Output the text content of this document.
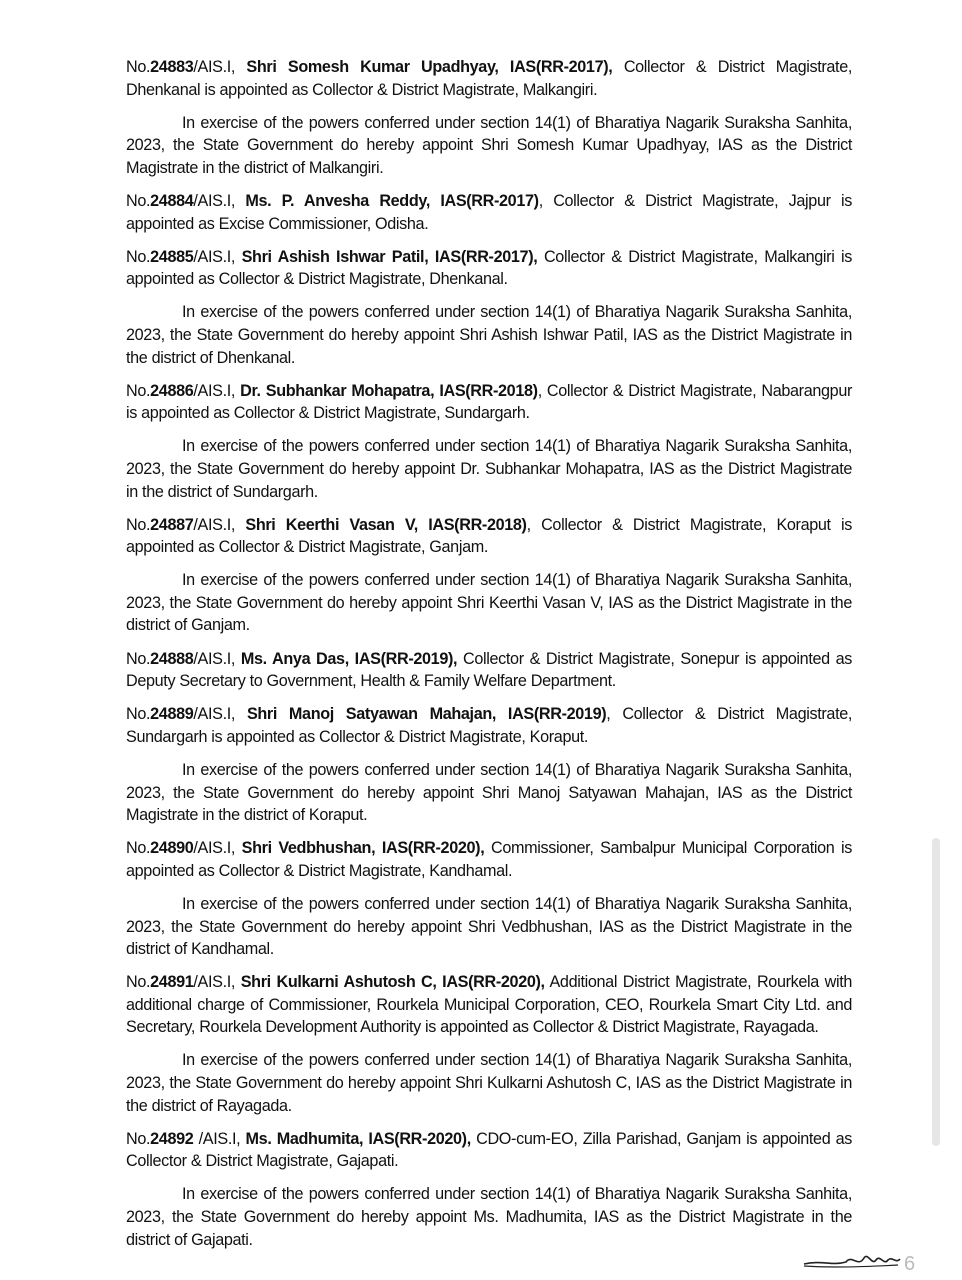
No.24883/AIS.I, Shri Somesh Kumar Upadhyay, IAS(RR-2017), Collector & District Magistrate, Dhenkanal is appointed as Collector & District Magistrate, Malkangiri.

In exercise of the powers conferred under section 14(1) of Bharatiya Nagarik Suraksha Sanhita, 2023, the State Government do hereby appoint Shri Somesh Kumar Upadhyay, IAS as the District Magistrate in the district of Malkangiri.

No.24884/AIS.I, Ms. P. Anvesha Reddy, IAS(RR-2017), Collector & District Magistrate, Jajpur is appointed as Excise Commissioner, Odisha.

No.24885/AIS.I, Shri Ashish Ishwar Patil, IAS(RR-2017), Collector & District Magistrate, Malkangiri is appointed as Collector & District Magistrate, Dhenkanal.

In exercise of the powers conferred under section 14(1) of Bharatiya Nagarik Suraksha Sanhita, 2023, the State Government do hereby appoint Shri Ashish Ishwar Patil, IAS as the District Magistrate in the district of Dhenkanal.

No.24886/AIS.I, Dr. Subhankar Mohapatra, IAS(RR-2018), Collector & District Magistrate, Nabarangpur is appointed as Collector & District Magistrate, Sundargarh.

In exercise of the powers conferred under section 14(1) of Bharatiya Nagarik Suraksha Sanhita, 2023, the State Government do hereby appoint Dr. Subhankar Mohapatra, IAS as the District Magistrate in the district of Sundargarh.

No.24887/AIS.I, Shri Keerthi Vasan V, IAS(RR-2018), Collector & District Magistrate, Koraput is appointed as Collector & District Magistrate, Ganjam.

In exercise of the powers conferred under section 14(1) of Bharatiya Nagarik Suraksha Sanhita, 2023, the State Government do hereby appoint Shri Keerthi Vasan V, IAS as the District Magistrate in the district of Ganjam.

No.24888/AIS.I, Ms. Anya Das, IAS(RR-2019), Collector & District Magistrate, Sonepur is appointed as Deputy Secretary to Government, Health & Family Welfare Department.

No.24889/AIS.I, Shri Manoj Satyawan Mahajan, IAS(RR-2019), Collector & District Magistrate, Sundargarh is appointed as Collector & District Magistrate, Koraput.

In exercise of the powers conferred under section 14(1) of Bharatiya Nagarik Suraksha Sanhita, 2023, the State Government do hereby appoint Shri Manoj Satyawan Mahajan, IAS as the District Magistrate in the district of Koraput.

No.24890/AIS.I, Shri Vedbhushan, IAS(RR-2020), Commissioner, Sambalpur Municipal Corporation is appointed as Collector & District Magistrate, Kandhamal.

In exercise of the powers conferred under section 14(1) of Bharatiya Nagarik Suraksha Sanhita, 2023, the State Government do hereby appoint Shri Vedbhushan, IAS as the District Magistrate in the district of Kandhamal.

No.24891/AIS.I, Shri Kulkarni Ashutosh C, IAS(RR-2020), Additional District Magistrate, Rourkela with additional charge of Commissioner, Rourkela Municipal Corporation, CEO, Rourkela Smart City Ltd. and Secretary, Rourkela Development Authority is appointed as Collector & District Magistrate, Rayagada.

In exercise of the powers conferred under section 14(1) of Bharatiya Nagarik Suraksha Sanhita, 2023, the State Government do hereby appoint Shri Kulkarni Ashutosh C, IAS as the District Magistrate in the district of Rayagada.

No.24892 /AIS.I, Ms. Madhumita, IAS(RR-2020), CDO-cum-EO, Zilla Parishad, Ganjam is appointed as Collector & District Magistrate, Gajapati.

In exercise of the powers conferred under section 14(1) of Bharatiya Nagarik Suraksha Sanhita, 2023, the State Government do hereby appoint Ms. Madhumita, IAS as the District Magistrate in the district of Gajapati.

6
